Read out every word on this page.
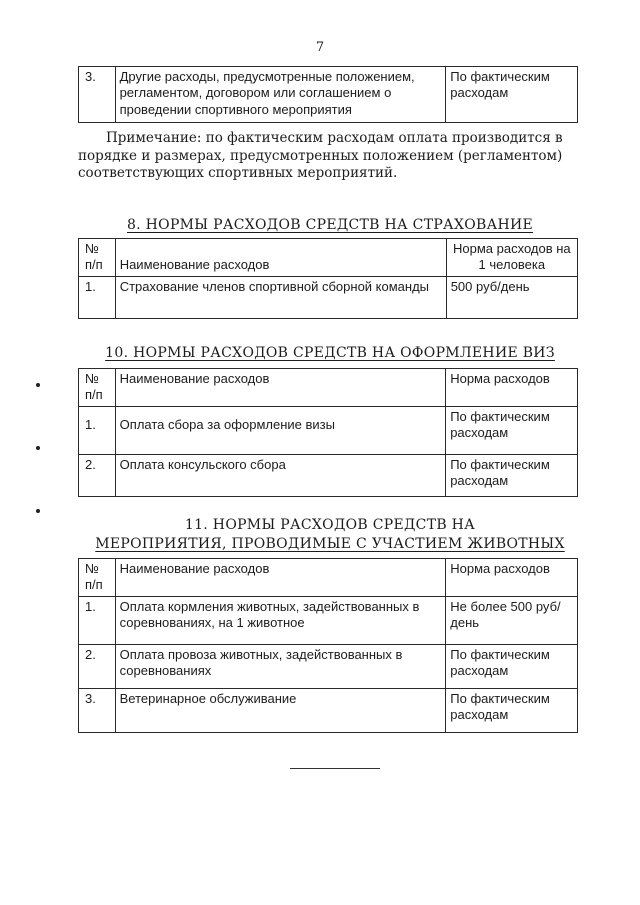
7
3.	Другие расходы, предусмотренные положением, регламентом, договором или соглашением о проведении спортивного мероприятия	По фактическим расходам

Примечание: по фактическим расходам оплата производится в порядке и размерах, предусмотренных положением (регламентом) соответствующих спортивных мероприятий.

8. НОРМЫ РАСХОДОВ СРЕДСТВ НА СТРАХОВАНИЕ
№ п/п	Наименование расходов	Норма расходов на 1 человека
1.	Страхование членов спортивной сборной команды	500 руб/день
10. НОРМЫ РАСХОДОВ СРЕДСТВ НА ОФОРМЛЕНИЕ ВИЗ
№ п/п	Наименование расходов	Норма расходов
1.	Оплата сбора за оформление визы	По фактическим расходам
2.	Оплата консульского сбора	По фактическим расходам
11. НОРМЫ РАСХОДОВ СРЕДСТВ НА
МЕРОПРИЯТИЯ, ПРОВОДИМЫЕ С УЧАСТИЕМ ЖИВОТНЫХ
№ п/п	Наименование расходов	Норма расходов
1.	Оплата кормления животных, задействованных в соревнованиях, на 1 животное	Не более 500 руб/день
2.	Оплата провоза животных, задействованных в соревнованиях	По фактическим расходам
3.	Ветеринарное обслуживание	По фактическим расходам
